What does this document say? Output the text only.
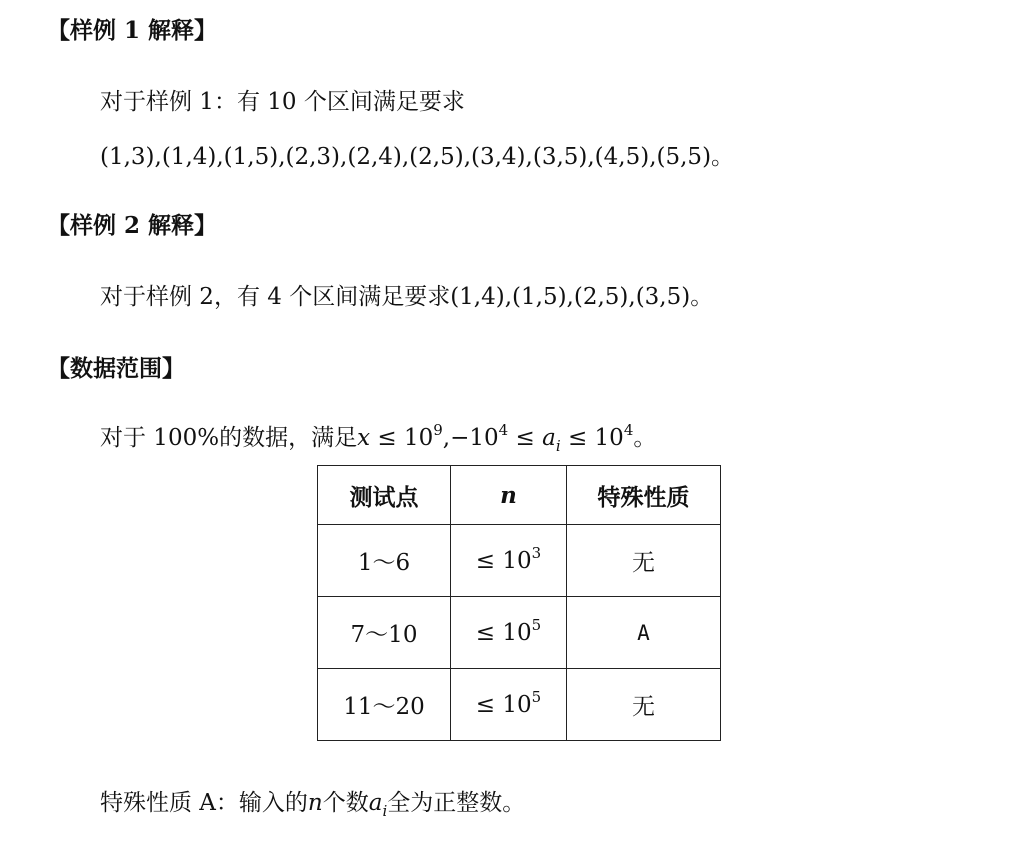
【样例 1 解释】
对于样例 1：有 10 个区间满足要求
(1,3),(1,4),(1,5),(2,3),(2,4),(2,5),(3,4),(3,5),(4,5),(5,5)。
【样例 2 解释】
对于样例 2，有 4 个区间满足要求(1,4),(1,5),(2,5),(3,5)。
【数据范围】
对于 100%的数据，满足$x \le 10^9,-10^4 \le a_i \le 10^4$。
测试点	n	特殊性质
1～6	≤ $10^3$	无
7～10	≤ $10^5$	A
11～20	≤ $10^5$	无
特殊性质 A：输入的n个数$a_i$全为正整数。
